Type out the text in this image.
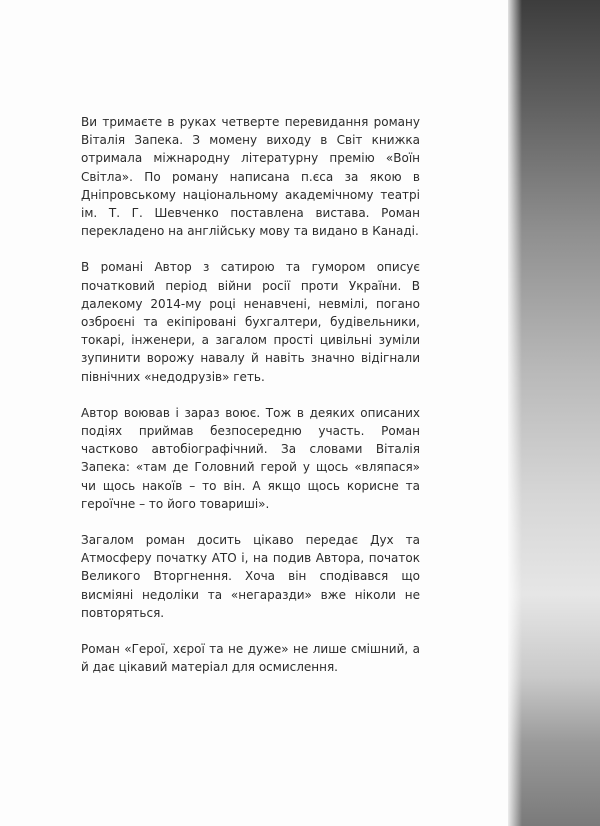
Ви тримаєте в руках четверте перевидання роману Віталія Запека. З момену виходу в Світ книжка отримала міжнародну літературну премію «Воїн Світла». По роману написана п.єса за якою в Дніпровському національному академічному театрі ім. Т. Г. Шевченко поставлена вистава. Роман перекладено на англійську мову та видано в Канаді.

В романі Автор з сатирою та гумором описує початковий період війни росії проти України. В далекому 2014-му році ненавчені, невмілі, погано озброєні та екіпіровані бухгалтери, будівельники, токарі, інженери, а загалом прості цивільні зуміли зупинити ворожу навалу й навіть значно відігнали північних «недодрузів» геть.

Автор воював і зараз воює. Тож в деяких описаних подіях приймав безпосередню участь. Роман частково автобіографічний. За словами Віталія Запека: «там де Головний герой у щось «вляпася» чи щось накоїв – то він. А якщо щось корисне та героїчне – то його товариші».

Загалом роман досить цікаво передає Дух та Атмосферу початку АТО і, на подив Автора, початок Великого Вторгнення. Хоча він сподівався що висміяні недоліки та «негаразди» вже ніколи не повторяться.

Роман «Герої, хєрої та не дуже» не лише смішний, а й дає цікавий матеріал для осмислення.
